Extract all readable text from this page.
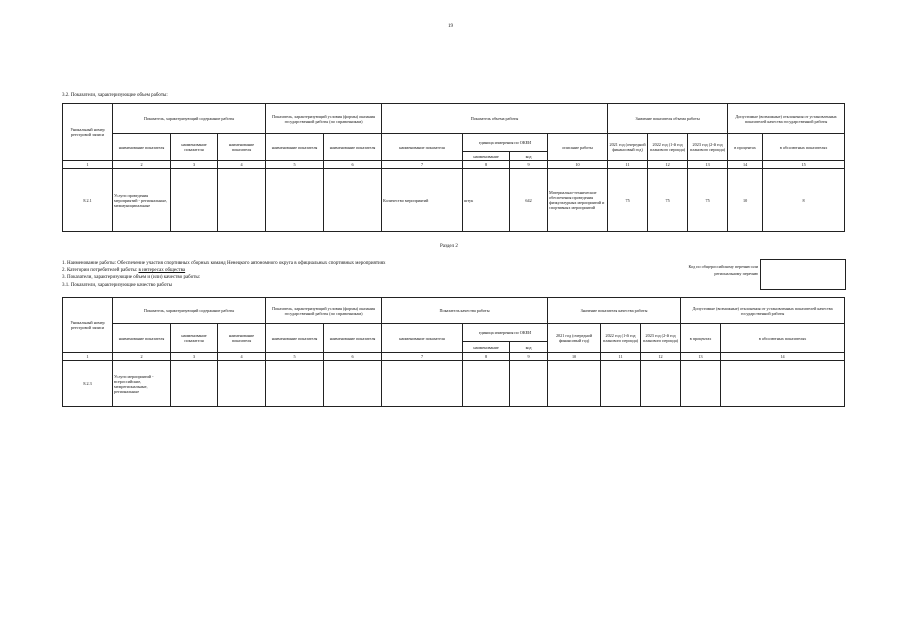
19
3.2. Показатели, характеризующие объем работы:
Уникальный номер реестровой записи	Показатель, характеризующий содержание работы			Показатель, характеризующий условия (формы) оказания государственной работы (по справочникам)		Показатель объема работы				Значение показателя объема работы			Допустимые (возможные) отклонения от установленных показателей качества государственной работы	
	наименование показателя	наименование показателя	наименование показателя	наименование показателя	наименование показателя	наименование показателя	единица измерения по ОКЕИ		описание работы	2021 год (очередной финансовый год)	2022 год (1-й год планового периода)	2023 год (2-й год планового периода)	в процентах	в абсолютных показателях
							наименование	код						
1	2	3	4	5	6	7	8	9	10	11	12	13	14	15
8.2.1	Услуги проведения мероприятий - региональные, межмуниципальные					Количество мероприятий	штук	642	Материально-технические обеспечения проведения физкультурных мероприятий и спортивных мероприятий	75	75	75	10	8
Раздел 2
1. Наименование работы: Обеспечение участия спортивных сборных команд Ненецкого автономного округа в официальных спортивных мероприятиях
2. Категории потребителей работы: в интересах общества
3. Показатели, характеризующие объем и (или) качество работы:
3.1. Показатели, характеризующие качество работы
Код по общероссийскому перечню или региональному перечню
Уникальный номер реестровой записи	Показатель, характеризующий содержание работы			Показатель, характеризующий условия (формы) оказания государственной работы (по справочникам)		Показатель качества работы			Значение показателя качества работы			Допустимые (возможные) отклонения от установленных показателей качества государственной работы	
	наименование показателя	наименование показателя	наименование показателя	наименование показателя	наименование показателя	наименование показателя	единица измерения по ОКЕИ		2021 год (очередной финансовый год)	2022 год (1-й год планового периода)	2023 год (2-й год планового периода)	в процентах	в абсолютных показателях
							наименование	код					
1	2	3	4	5	6	7	8	9	10	11	12	13	14
8.2.3	Услуги мероприятий - всероссийские, межрегиональные, региональные												
